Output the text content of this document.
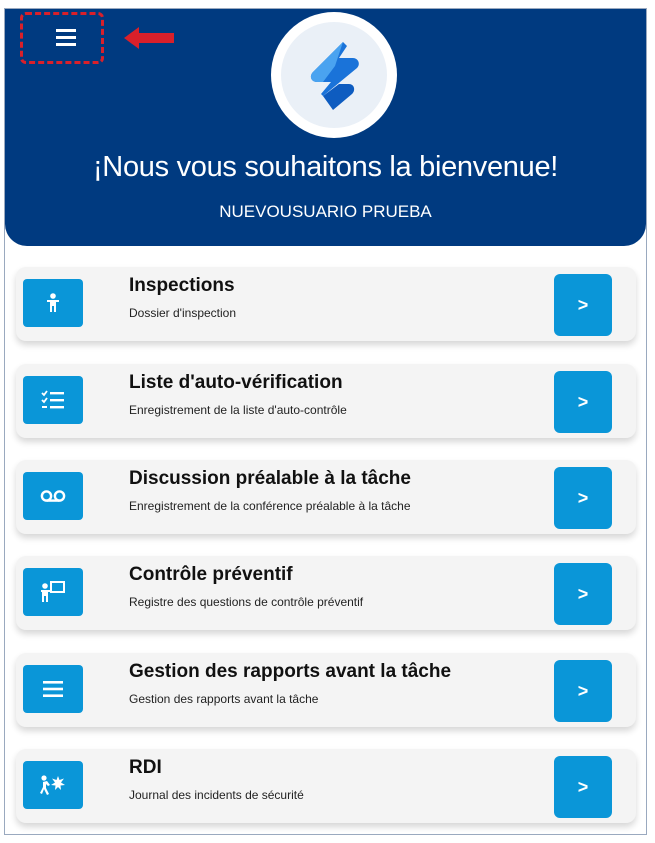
¡Nous vous souhaitons la bienvenue!
NUEVOUSUARIO PRUEBA
Inspections
Dossier d'inspection	>
Liste d'auto-vérification
Enregistrement de la liste d'auto-contrôle	>
Discussion préalable à la tâche
Enregistrement de la conférence préalable à la tâche	>
Contrôle préventif
Registre des questions de contrôle préventif	>
Gestion des rapports avant la tâche
Gestion des rapports avant la tâche	>
RDI
Journal des incidents de sécurité	>
